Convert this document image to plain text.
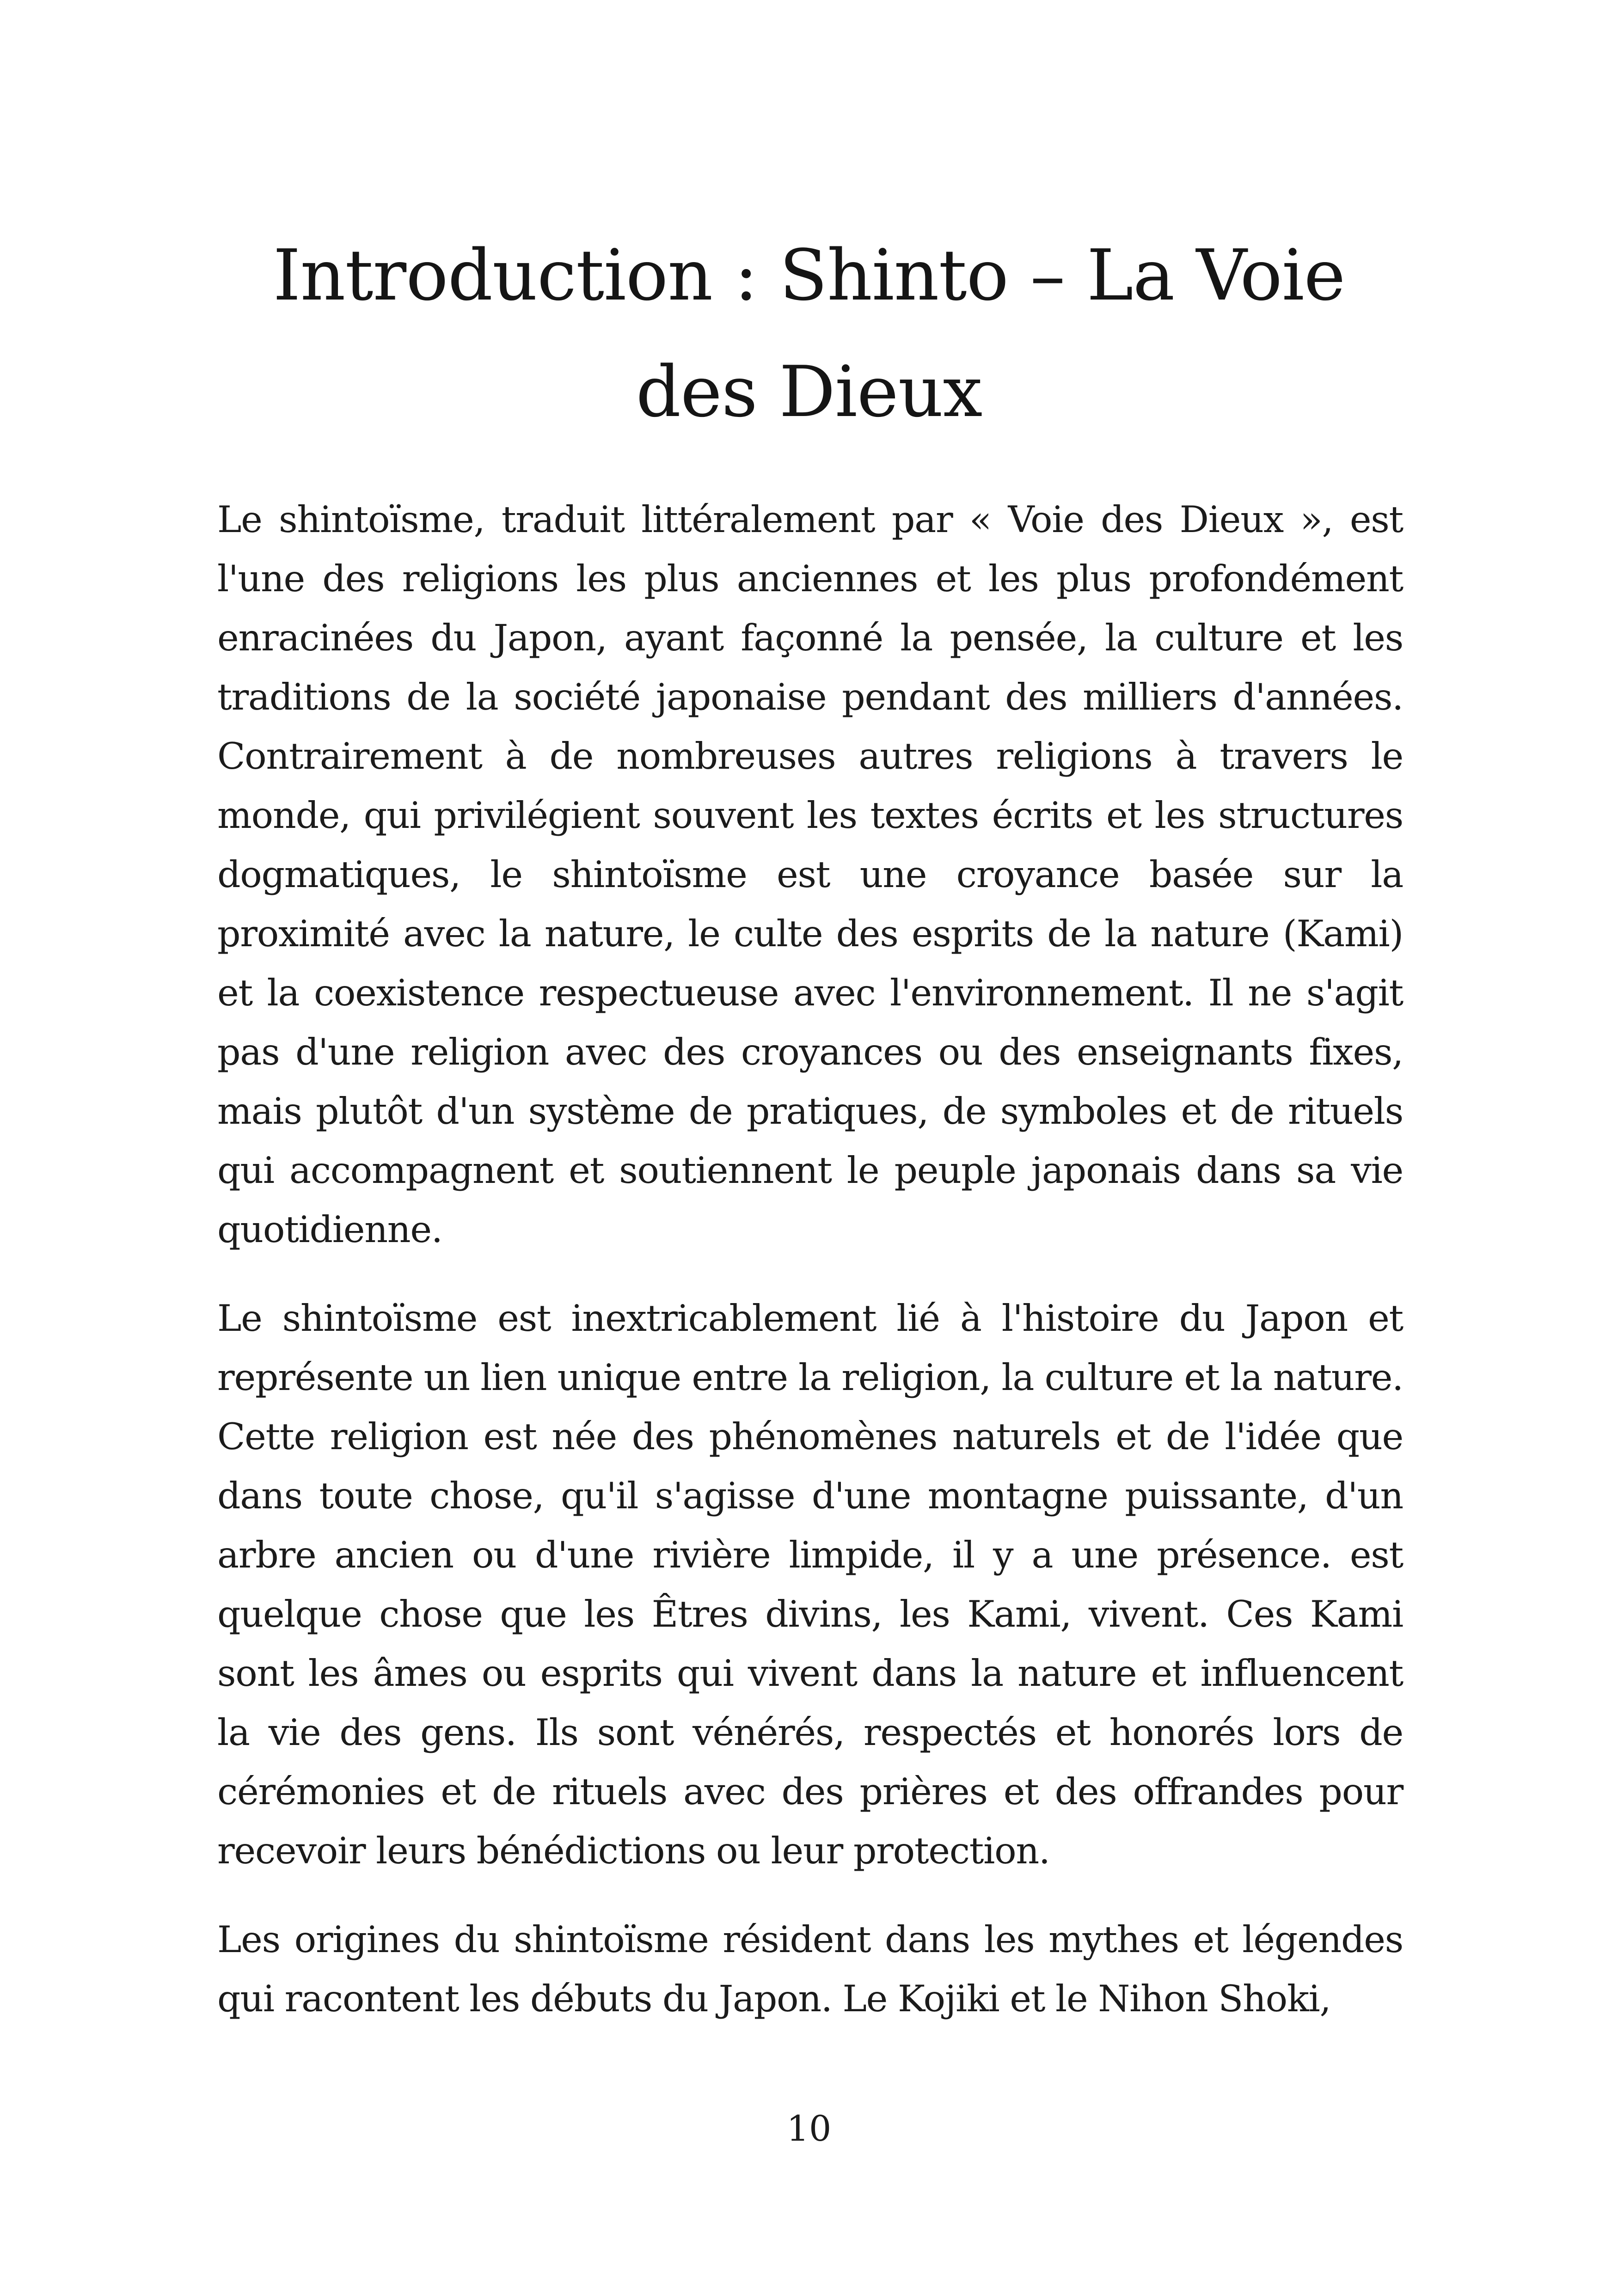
Introduction : Shinto – La Voie
des Dieux

Le shintoïsme, traduit littéralement par « Voie des Dieux », est l'une des religions les plus anciennes et les plus profondément enracinées du Japon, ayant façonné la pensée, la culture et les traditions de la société japonaise pendant des milliers d'années. Contrairement à de nombreuses autres religions à travers le monde, qui privilégient souvent les textes écrits et les structures dogmatiques, le shintoïsme est une croyance basée sur la proximité avec la nature, le culte des esprits de la nature (Kami) et la coexistence respectueuse avec l'environnement. Il ne s'agit pas d'une religion avec des croyances ou des enseignants fixes, mais plutôt d'un système de pratiques, de symboles et de rituels qui accompagnent et soutiennent le peuple japonais dans sa vie quotidienne.

Le shintoïsme est inextricablement lié à l'histoire du Japon et représente un lien unique entre la religion, la culture et la nature. Cette religion est née des phénomènes naturels et de l'idée que dans toute chose, qu'il s'agisse d'une montagne puissante, d'un arbre ancien ou d'une rivière limpide, il y a une présence. est quelque chose que les Êtres divins, les Kami, vivent. Ces Kami sont les âmes ou esprits qui vivent dans la nature et influencent la vie des gens. Ils sont vénérés, respectés et honorés lors de cérémonies et de rituels avec des prières et des offrandes pour recevoir leurs bénédictions ou leur protection.

Les origines du shintoïsme résident dans les mythes et légendes qui racontent les débuts du Japon. Le Kojiki et le Nihon Shoki,

10
